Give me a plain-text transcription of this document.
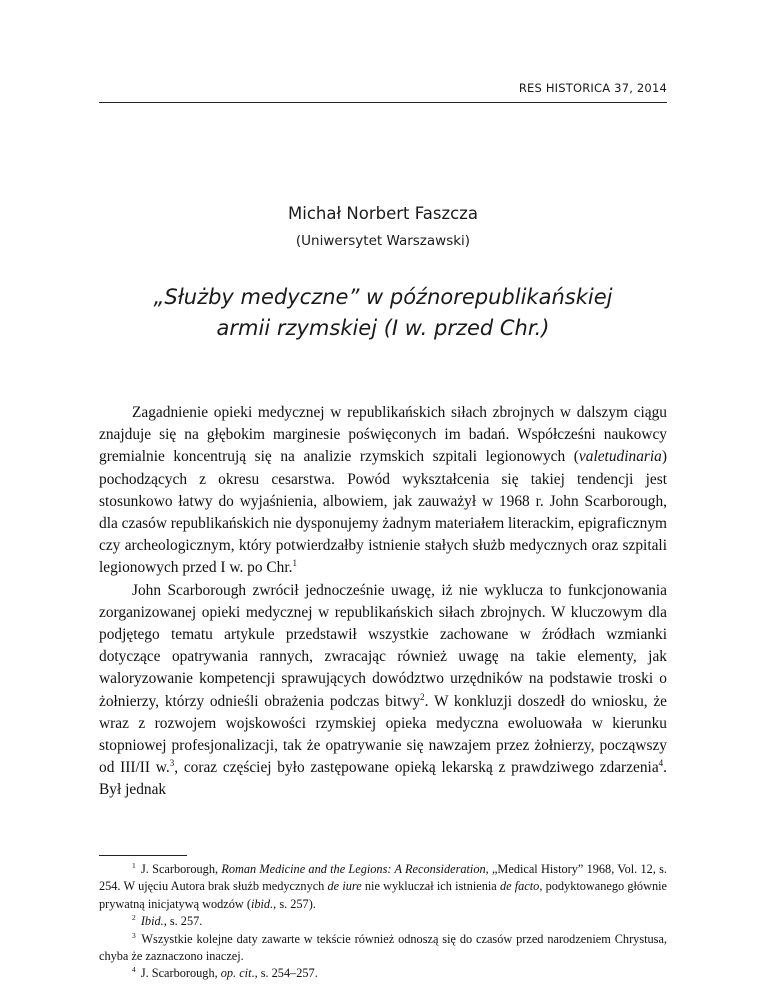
RES HISTORICA 37, 2014
Michał Norbert Faszcza
(Uniwersytet Warszawski)
„Służby medyczne” w późnorepublikańskiej
armii rzymskiej (I w. przed Chr.)

Zagadnienie opieki medycznej w republikańskich siłach zbrojnych w dalszym ciągu znajduje się na głębokim marginesie poświęconych im badań. Współcześni naukowcy gremialnie koncentrują się na analizie rzymskich szpitali legionowych (valetudinaria) pochodzących z okresu cesarstwa. Powód wykształcenia się takiej tendencji jest stosunkowo łatwy do wyjaśnienia, albowiem, jak zauważył w 1968 r. John Scarborough, dla czasów republikańskich nie dysponujemy żadnym materiałem literackim, epigraficznym czy archeologicznym, który potwierdzałby istnienie stałych służb medycznych oraz szpitali legionowych przed I w. po Chr.$^1$

John Scarborough zwrócił jednocześnie uwagę, iż nie wyklucza to funkcjonowania zorganizowanej opieki medycznej w republikańskich siłach zbrojnych. W kluczowym dla podjętego tematu artykule przedstawił wszystkie zachowane w źródłach wzmianki dotyczące opatrywania rannych, zwracając również uwagę na takie elementy, jak waloryzowanie kompetencji sprawujących dowództwo urzędników na podstawie troski o żołnierzy, którzy odnieśli obrażenia podczas bitwy$^2$. W konkluzji doszedł do wniosku, że wraz z rozwojem wojskowości rzymskiej opieka medyczna ewoluowała w kierunku stopniowej profesjonalizacji, tak że opatrywanie się nawzajem przez żołnierzy, począwszy od III/II w.$^3$, coraz częściej było zastępowane opieką lekarską z prawdziwego zdarzenia$^4$. Był jednak

$^1$ J. Scarborough, Roman Medicine and the Legions: A Reconsideration, „Medical History” 1968, Vol. 12, s. 254. W ujęciu Autora brak służb medycznych de iure nie wykluczał ich istnienia de facto, podyktowanego głównie prywatną inicjatywą wodzów (ibid., s. 257).

$^2$ Ibid., s. 257.

$^3$ Wszystkie kolejne daty zawarte w tekście również odnoszą się do czasów przed narodzeniem Chrystusa, chyba że zaznaczono inaczej.

$^4$ J. Scarborough, op. cit., s. 254–257.
